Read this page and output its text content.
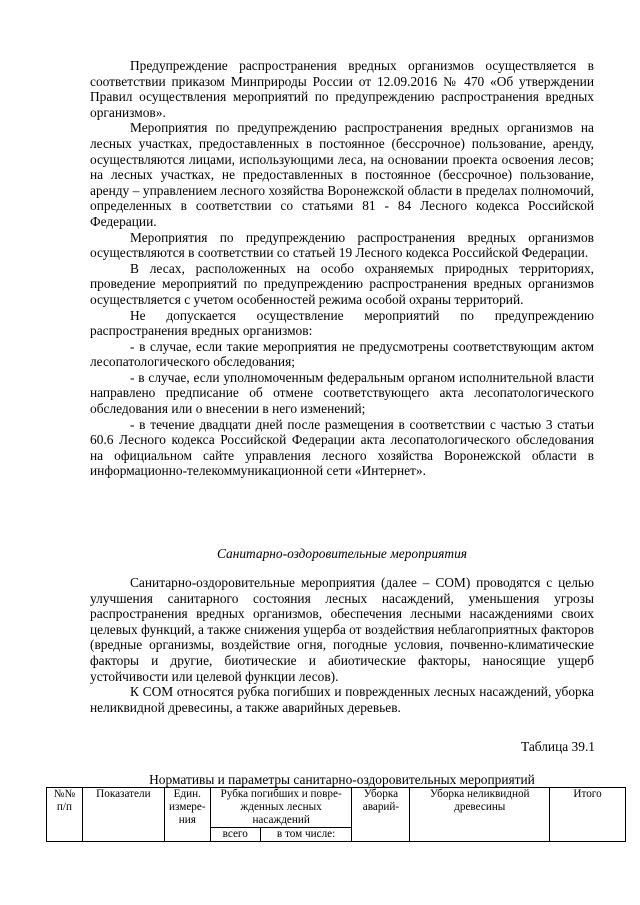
Предупреждение распространения вредных организмов осуществляется в соответствии приказом Минприроды России от 12.09.2016 № 470 «Об утверждении Правил осуществления мероприятий по предупреждению распространения вредных организмов».

Мероприятия по предупреждению распространения вредных организмов на лесных участках, предоставленных в постоянное (бессрочное) пользование, аренду, осуществляются лицами, использующими леса, на основании проекта освоения лесов; на лесных участках, не предоставленных в постоянное (бессрочное) пользование, аренду – управлением лесного хозяйства Воронежской области в пределах полномочий, определенных в соответствии со статьями 81 - 84 Лесного кодекса Российской Федерации.

Мероприятия по предупреждению распространения вредных организмов осуществляются в соответствии со статьей 19 Лесного кодекса Российской Федерации.

В лесах, расположенных на особо охраняемых природных территориях, проведение мероприятий по предупреждению распространения вредных организмов осуществляется с учетом особенностей режима особой охраны территорий.

Не допускается осуществление мероприятий по предупреждению распространения вредных организмов:

- в случае, если такие мероприятия не предусмотрены соответствующим актом лесопатологического обследования;

- в случае, если уполномоченным федеральным органом исполнительной власти направлено предписание об отмене соответствующего акта лесопатологического обследования или о внесении в него изменений;

- в течение двадцати дней после размещения в соответствии с частью 3 статьи 60.6 Лесного кодекса Российской Федерации акта лесопатологического обследования на официальном сайте управления лесного хозяйства Воронежской области в информационно-телекоммуникационной сети «Интернет».

Санитарно-оздоровительные мероприятия

Санитарно-оздоровительные мероприятия (далее – СОМ) проводятся с целью улучшения санитарного состояния лесных насаждений, уменьшения угрозы распространения вредных организмов, обеспечения лесными насаждениями своих целевых функций, а также снижения ущерба от воздействия неблагоприятных факторов (вредные организмы, воздействие огня, погодные условия, почвенно-климатические факторы и другие, биотические и абиотические факторы, наносящие ущерб устойчивости или целевой функции лесов).

К СОМ относятся рубка погибших и поврежденных лесных насаждений, уборка неликвидной древесины, а также аварийных деревьев.

Таблица 39.1
Нормативы и параметры санитарно-оздоровительных мероприятий
№№ п/п	Показатели	Един. измере- ния	Рубка погибших и повре- жденных лесных насаждений		Уборка аварий-	Уборка неликвидной древесины	Итого
			всего	в том числе:			
